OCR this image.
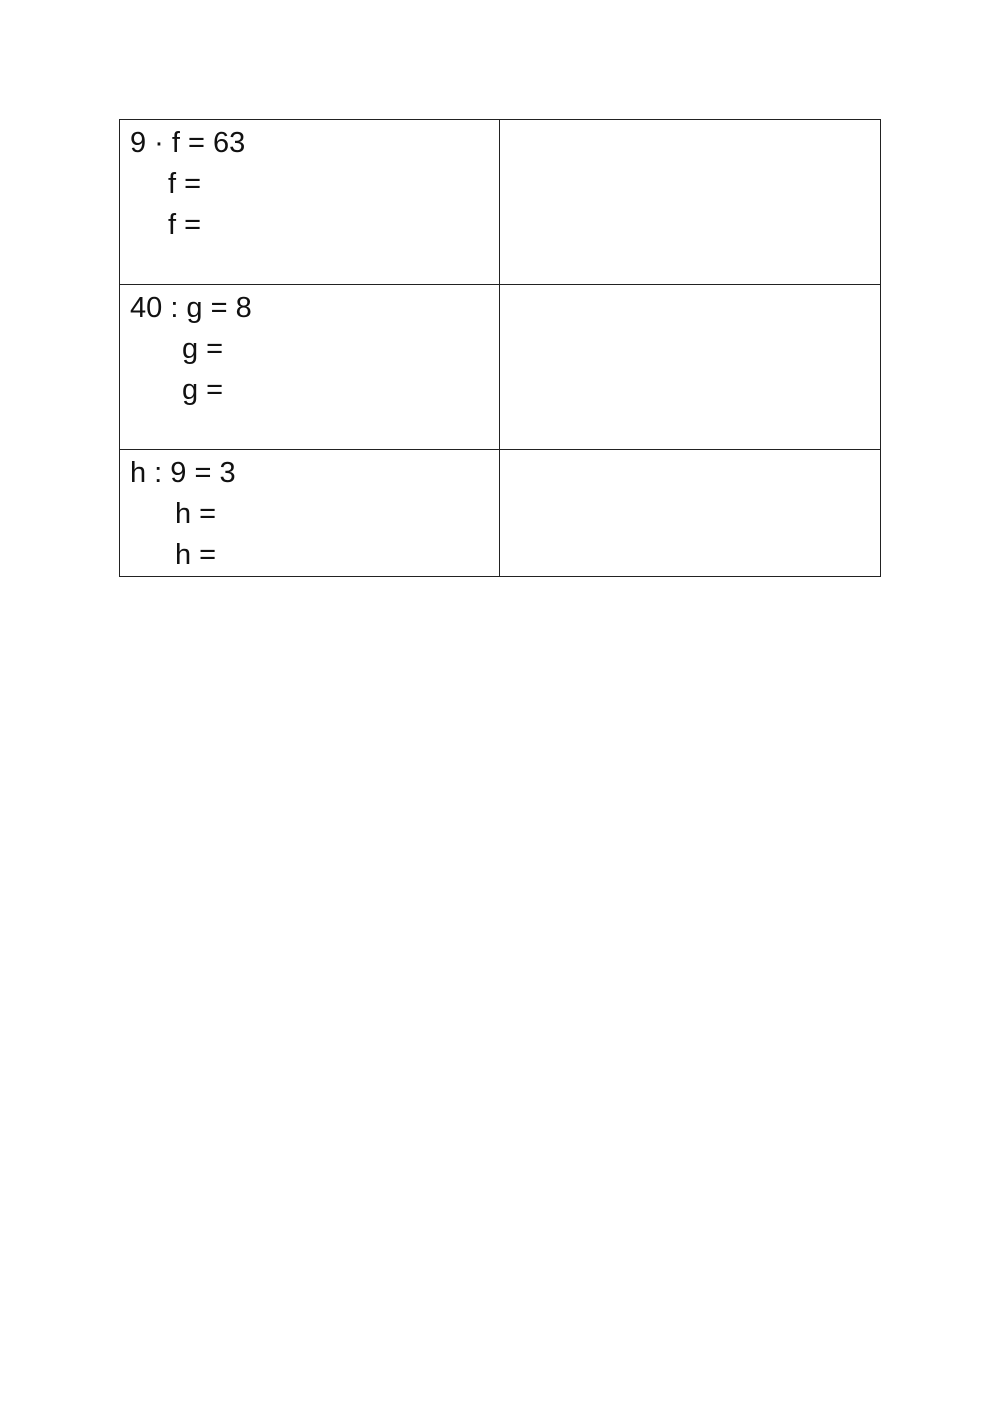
9 · f = 63
f =
f =	

40 : g = 8
g =
g =	

h : 9 = 3
h =
h =	
